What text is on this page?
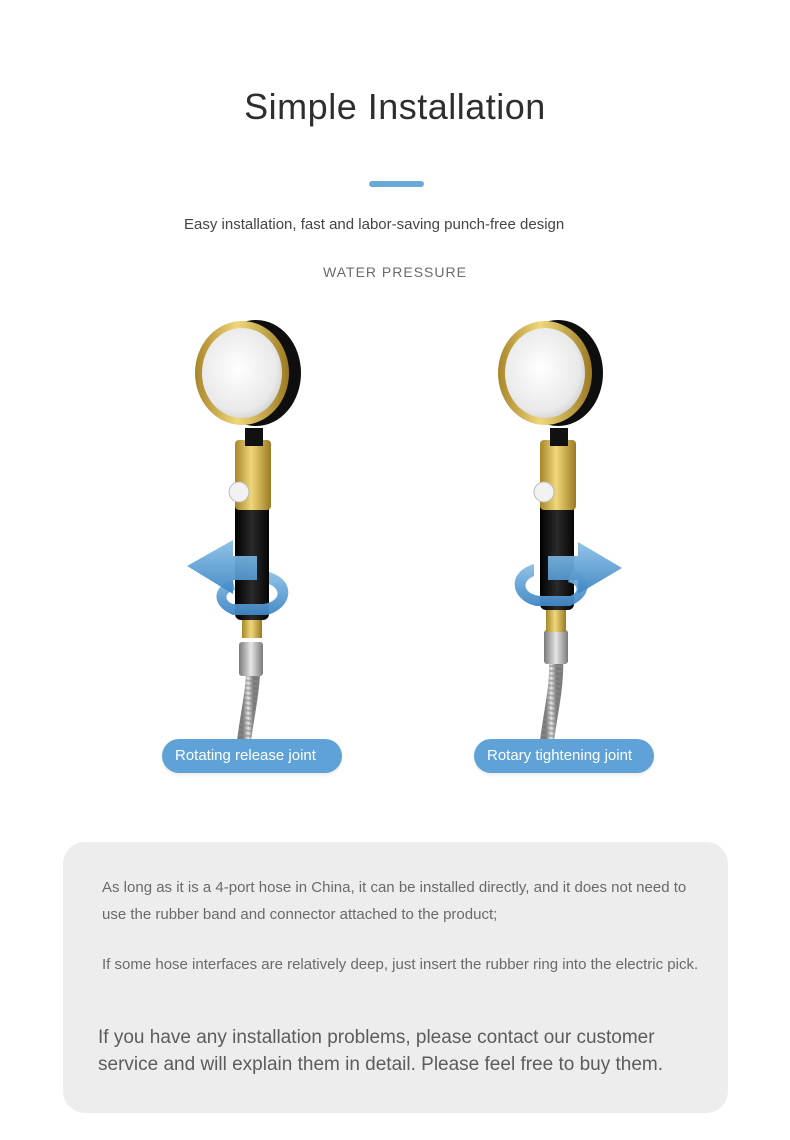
Simple Installation
Easy installation, fast and labor-saving punch-free design
WATER PRESSURE
Rotating release joint	Rotary tightening joint
As long as it is a 4-port hose in China, it can be installed directly, and it does not need to use the rubber band and connector attached to the product;
If some hose interfaces are relatively deep, just insert the rubber ring into the electric pick.
If you have any installation problems, please contact our customer service and will explain them in detail. Please feel free to buy them.
